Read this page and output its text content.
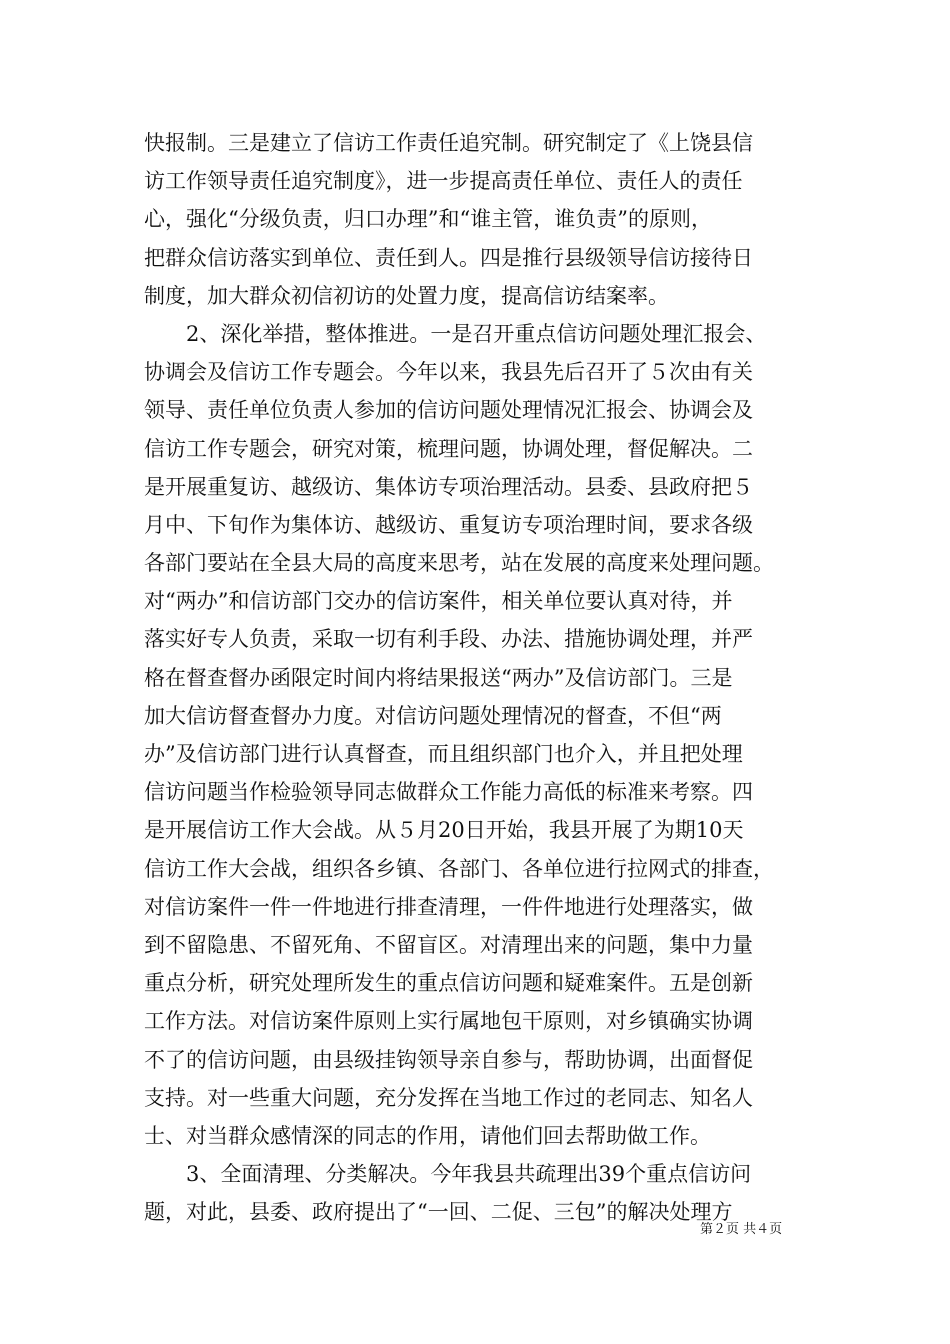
快报制。三是建立了信访工作责任追究制。研究制定了《上饶县信
访工作领导责任追究制度》，进一步提高责任单位、责任人的责任
心，强化“分级负责，归口办理”和“谁主管，谁负责”的原则，
把群众信访落实到单位、责任到人。四是推行县级领导信访接待日
制度，加大群众初信初访的处置力度，提高信访结案率。
2、深化举措，整体推进。一是召开重点信访问题处理汇报会、
协调会及信访工作专题会。今年以来，我县先后召开了５次由有关
领导、责任单位负责人参加的信访问题处理情况汇报会、协调会及
信访工作专题会，研究对策，梳理问题，协调处理，督促解决。二
是开展重复访、越级访、集体访专项治理活动。县委、县政府把５
月中、下旬作为集体访、越级访、重复访专项治理时间，要求各级
各部门要站在全县大局的高度来思考，站在发展的高度来处理问题。
对“两办”和信访部门交办的信访案件，相关单位要认真对待，并
落实好专人负责，采取一切有利手段、办法、措施协调处理，并严
格在督查督办函限定时间内将结果报送“两办”及信访部门。三是
加大信访督查督办力度。对信访问题处理情况的督查，不但“两
办”及信访部门进行认真督查，而且组织部门也介入，并且把处理
信访问题当作检验领导同志做群众工作能力高低的标准来考察。四
是开展信访工作大会战。从５月20日开始，我县开展了为期10天
信访工作大会战，组织各乡镇、各部门、各单位进行拉网式的排查，
对信访案件一件一件地进行排查清理，一件件地进行处理落实，做
到不留隐患、不留死角、不留盲区。对清理出来的问题，集中力量
重点分析，研究处理所发生的重点信访问题和疑难案件。五是创新
工作方法。对信访案件原则上实行属地包干原则，对乡镇确实协调
不了的信访问题，由县级挂钩领导亲自参与，帮助协调，出面督促
支持。对一些重大问题，充分发挥在当地工作过的老同志、知名人
士、对当群众感情深的同志的作用，请他们回去帮助做工作。
3、全面清理、分类解决。今年我县共疏理出39个重点信访问
题，对此，县委、政府提出了“一回、二促、三包”的解决处理方
第２页 共４页
